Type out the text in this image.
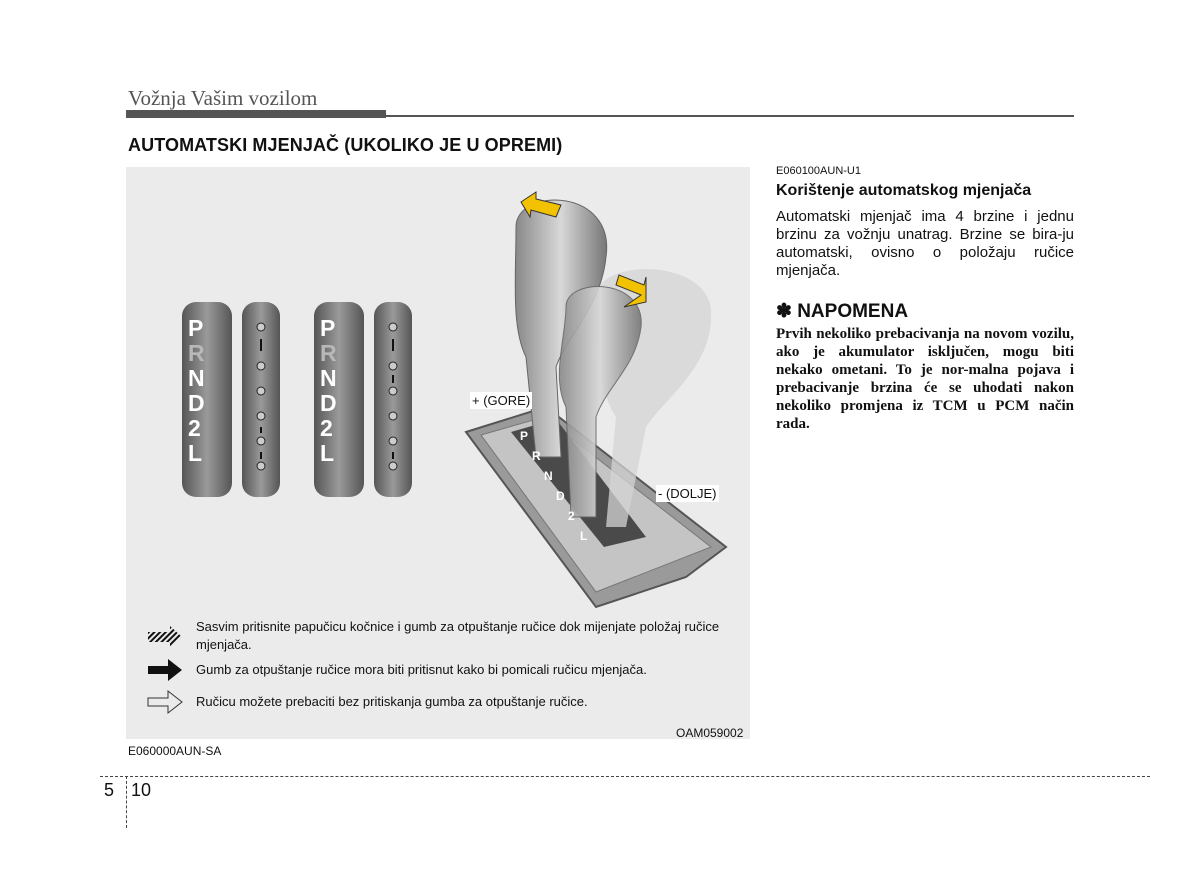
Vožnja Vašim vozilom
AUTOMATSKI MJENJAČ (UKOLIKO JE U OPREMI)
P
R
N
D
2
L
P
R
N
D
2
L
P
R
N
D
2
L
+ (GORE)
- (DOLJE)
Sasvim pritisnite papučicu kočnice i gumb za otpuštanje ručice dok mijenjate položaj ručice mjenjača.
Gumb za otpuštanje ručice mora biti pritisnut kako bi pomicali ručicu mjenjača.
Ručicu možete prebaciti bez pritiskanja gumba za otpuštanje ručice.
OAM059002
E060000AUN-SA
E060100AUN-U1
Korištenje automatskog mjenjača
Automatski mjenjač ima 4 brzine i jednu brzinu za vožnju unatrag. Brzine se bira-ju automatski, ovisno o položaju ručice mjenjača.
✽ NAPOMENA
Prvih nekoliko prebacivanja na novom vozilu, ako je akumulator isključen, mogu biti nekako ometani. To je nor-malna pojava i prebacivanje brzina će se uhodati nakon nekoliko promjena iz TCM u PCM način rada.
5 10
